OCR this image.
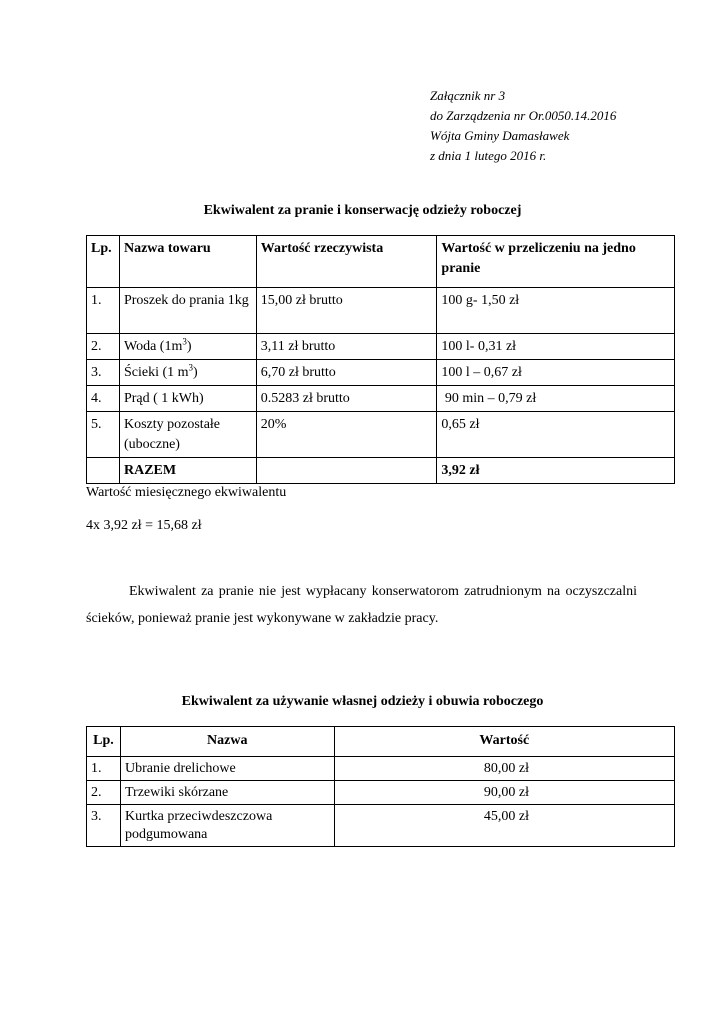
Załącznik nr 3
do Zarządzenia nr Or.0050.14.2016
Wójta Gminy Damasławek
z dnia 1 lutego 2016 r.
Ekwiwalent za pranie i konserwację odzieży roboczej
Lp.	Nazwa towaru	Wartość rzeczywista	Wartość w przeliczeniu na jedno pranie
1.	Proszek do prania 1kg	15,00 zł brutto	100 g- 1,50 zł
2.	Woda $(1m^3)$	3,11 zł brutto	100 l- 0,31 zł
3.	Ścieki (1 $m^3$)	6,70 zł brutto	100 l – 0,67 zł
4.	Prąd ( 1 kWh)	0.5283 zł brutto	90 min – 0,79 zł
5.	Koszty pozostałe (uboczne)	20%	0,65 zł
	RAZEM		3,92 zł
Wartość miesięcznego ekwiwalentu
4x 3,92 zł = 15,68 zł
Ekwiwalent za pranie nie jest wypłacany konserwatorom zatrudnionym na oczyszczalni ścieków, ponieważ pranie jest wykonywane w zakładzie pracy.
Ekwiwalent za używanie własnej odzieży i obuwia roboczego
Lp.	Nazwa	Wartość
1.	Ubranie drelichowe	80,00 zł
2.	Trzewiki skórzane	90,00 zł
3.	Kurtka przeciwdeszczowa podgumowana	45,00 zł
